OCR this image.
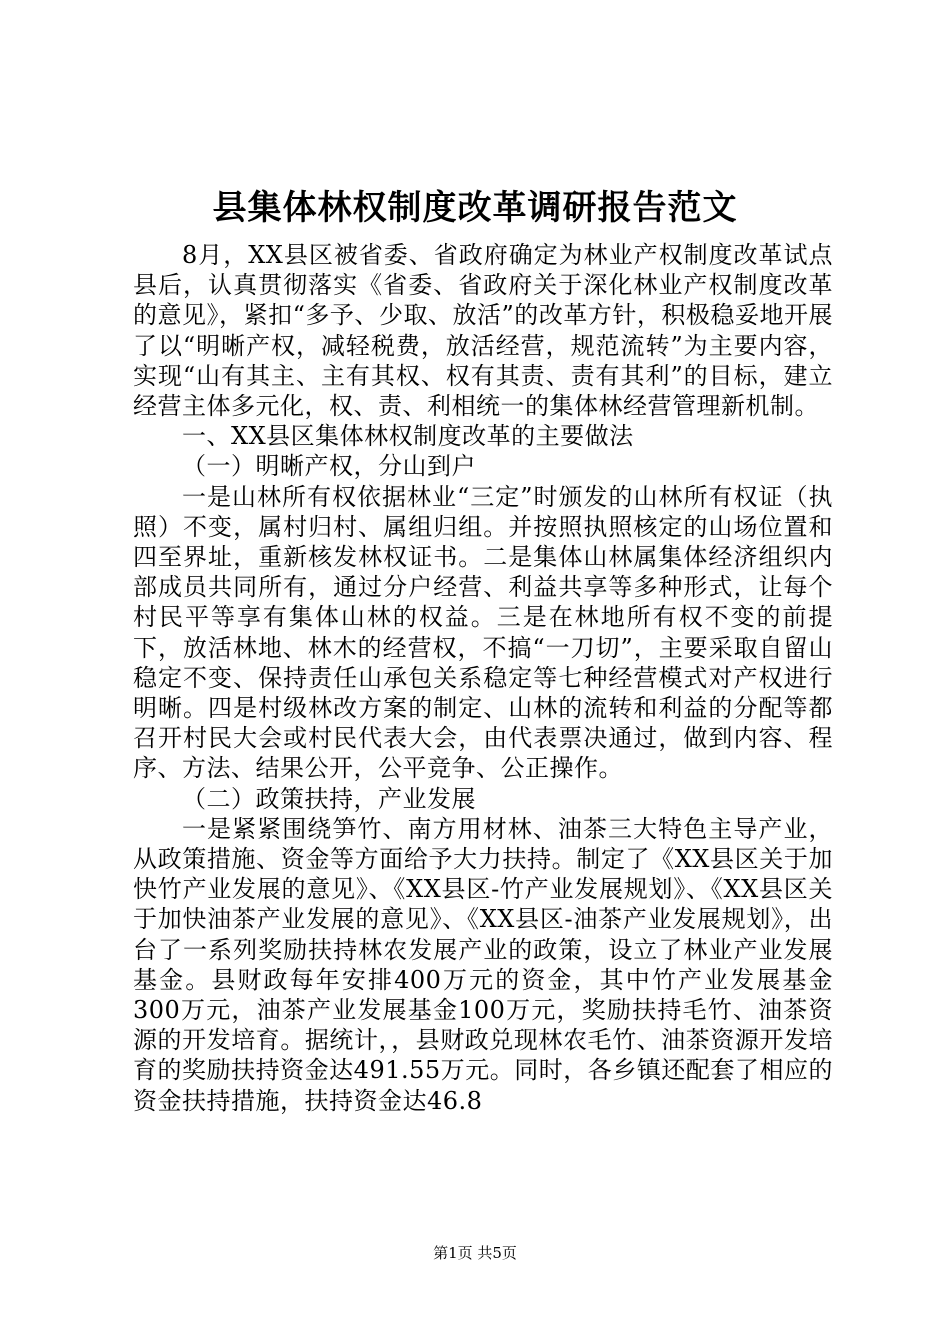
县集体林权制度改革调研报告范文

8月，XX县区被省委、省政府确定为林业产权制度改革试点县后，认真贯彻落实《省委、省政府关于深化林业产权制度改革的意见》，紧扣“多予、少取、放活”的改革方针，积极稳妥地开展了以“明晰产权，减轻税费，放活经营，规范流转”为主要内容，实现“山有其主、主有其权、权有其责、责有其利”的目标，建立经营主体多元化，权、责、利相统一的集体林经营管理新机制。

一、XX县区集体林权制度改革的主要做法

（一）明晰产权，分山到户

一是山林所有权依据林业“三定”时颁发的山林所有权证（执照）不变，属村归村、属组归组。并按照执照核定的山场位置和四至界址，重新核发林权证书。二是集体山林属集体经济组织内部成员共同所有，通过分户经营、利益共享等多种形式，让每个村民平等享有集体山林的权益。三是在林地所有权不变的前提下，放活林地、林木的经营权，不搞“一刀切”，主要采取自留山稳定不变、保持责任山承包关系稳定等七种经营模式对产权进行明晰。四是村级林改方案的制定、山林的流转和利益的分配等都召开村民大会或村民代表大会，由代表票决通过，做到内容、程序、方法、结果公开，公平竞争、公正操作。

（二）政策扶持，产业发展

一是紧紧围绕笋竹、南方用材林、油茶三大特色主导产业，从政策措施、资金等方面给予大力扶持。制定了《XX县区关于加快竹产业发展的意见》、《XX县区-竹产业发展规划》、《XX县区关于加快油茶产业发展的意见》、《XX县区-油茶产业发展规划》，出台了一系列奖励扶持林农发展产业的政策，设立了林业产业发展基金。县财政每年安排400万元的资金，其中竹产业发展基金300万元，油茶产业发展基金100万元，奖励扶持毛竹、油茶资源的开发培育。据统计，，县财政兑现林农毛竹、油茶资源开发培育的奖励扶持资金达491.55万元。同时，各乡镇还配套了相应的资金扶持措施，扶持资金达46.8

第1页 共5页
